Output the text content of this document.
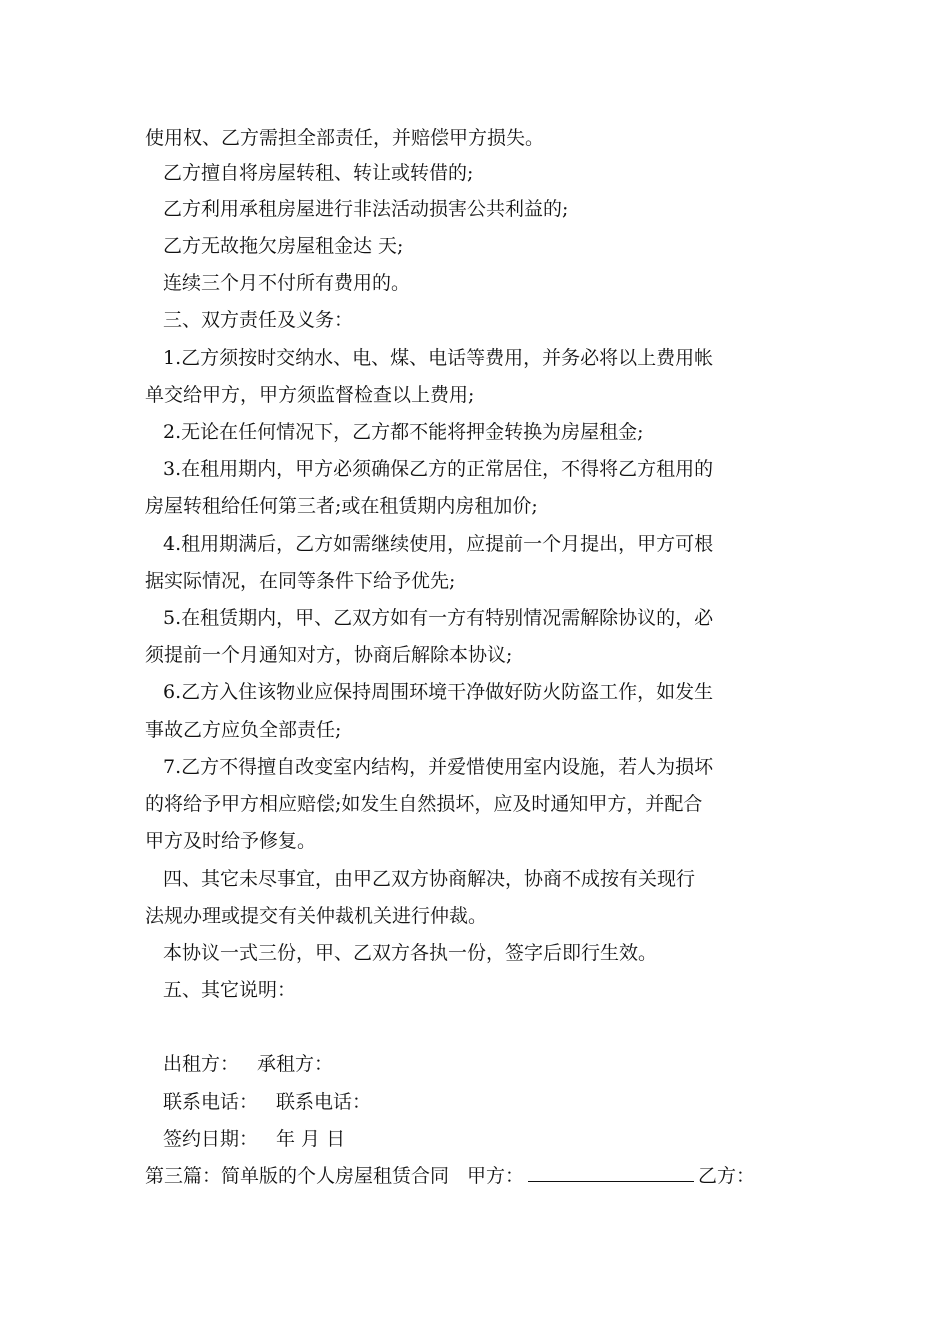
使用权、乙方需担全部责任，并赔偿甲方损失。
乙方擅自将房屋转租、转让或转借的;
乙方利用承租房屋进行非法活动损害公共利益的;
乙方无故拖欠房屋租金达 天;
连续三个月不付所有费用的。
三、双方责任及义务：
1.乙方须按时交纳水、电、煤、电话等费用，并务必将以上费用帐
单交给甲方，甲方须监督检查以上费用;
2.无论在任何情况下，乙方都不能将押金转换为房屋租金;
3.在租用期内，甲方必须确保乙方的正常居住，不得将乙方租用的
房屋转租给任何第三者;或在租赁期内房租加价;
4.租用期满后，乙方如需继续使用，应提前一个月提出，甲方可根
据实际情况，在同等条件下给予优先;
5.在租赁期内，甲、乙双方如有一方有特别情况需解除协议的，必
须提前一个月通知对方，协商后解除本协议;
6.乙方入住该物业应保持周围环境干净做好防火防盗工作，如发生
事故乙方应负全部责任;
7.乙方不得擅自改变室内结构，并爱惜使用室内设施，若人为损坏
的将给予甲方相应赔偿;如发生自然损坏，应及时通知甲方，并配合
甲方及时给予修复。
四、其它未尽事宜，由甲乙双方协商解决，协商不成按有关现行
法规办理或提交有关仲裁机关进行仲裁。
本协议一式三份，甲、乙双方各执一份，签字后即行生效。
五、其它说明：
出租方： 承租方：
联系电话： 联系电话：
签约日期： 年 月 日
第三篇：简单版的个人房屋租赁合同 甲方：	乙方：
